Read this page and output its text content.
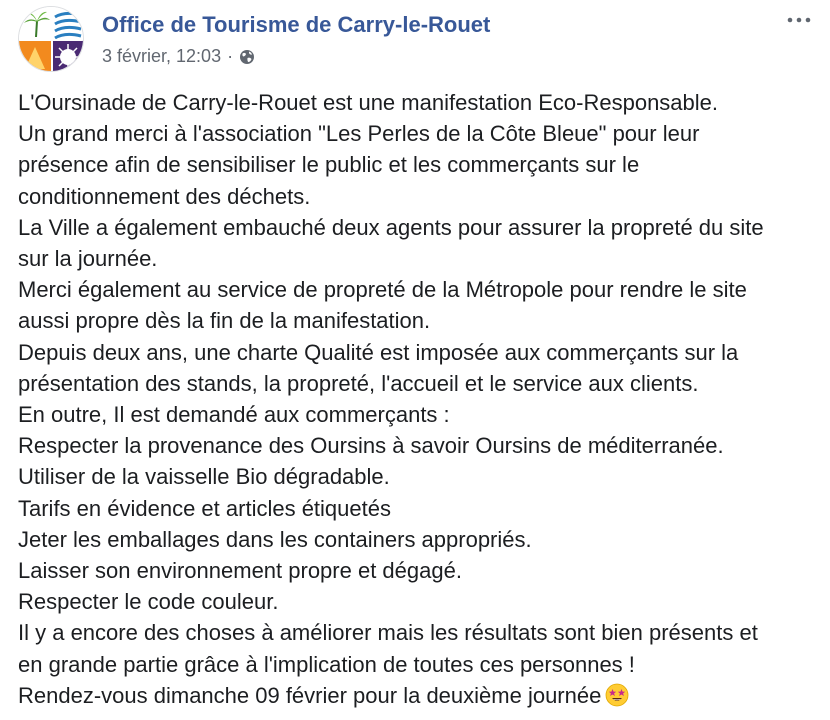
Office de Tourisme de Carry-le-Rouet
3 février, 12:03 ·
L'Oursinade de Carry-le-Rouet est une manifestation Eco-Responsable.
Un grand merci à l'association "Les Perles de la Côte Bleue" pour leur
présence afin de sensibiliser le public et les commerçants sur le
conditionnement des déchets.
La Ville a également embauché deux agents pour assurer la propreté du site
sur la journée.
Merci également au service de propreté de la Métropole pour rendre le site
aussi propre dès la fin de la manifestation.
Depuis deux ans, une charte Qualité est imposée aux commerçants sur la
présentation des stands, la propreté, l'accueil et le service aux clients.
En outre, Il est demandé aux commerçants :
Respecter la provenance des Oursins à savoir Oursins de méditerranée.
Utiliser de la vaisselle Bio dégradable.
Tarifs en évidence et articles étiquetés
Jeter les emballages dans les containers appropriés.
Laisser son environnement propre et dégagé.
Respecter le code couleur.
Il y a encore des choses à améliorer mais les résultats sont bien présents et
en grande partie grâce à l'implication de toutes ces personnes !
Rendez-vous dimanche 09 février pour la deuxième journée
